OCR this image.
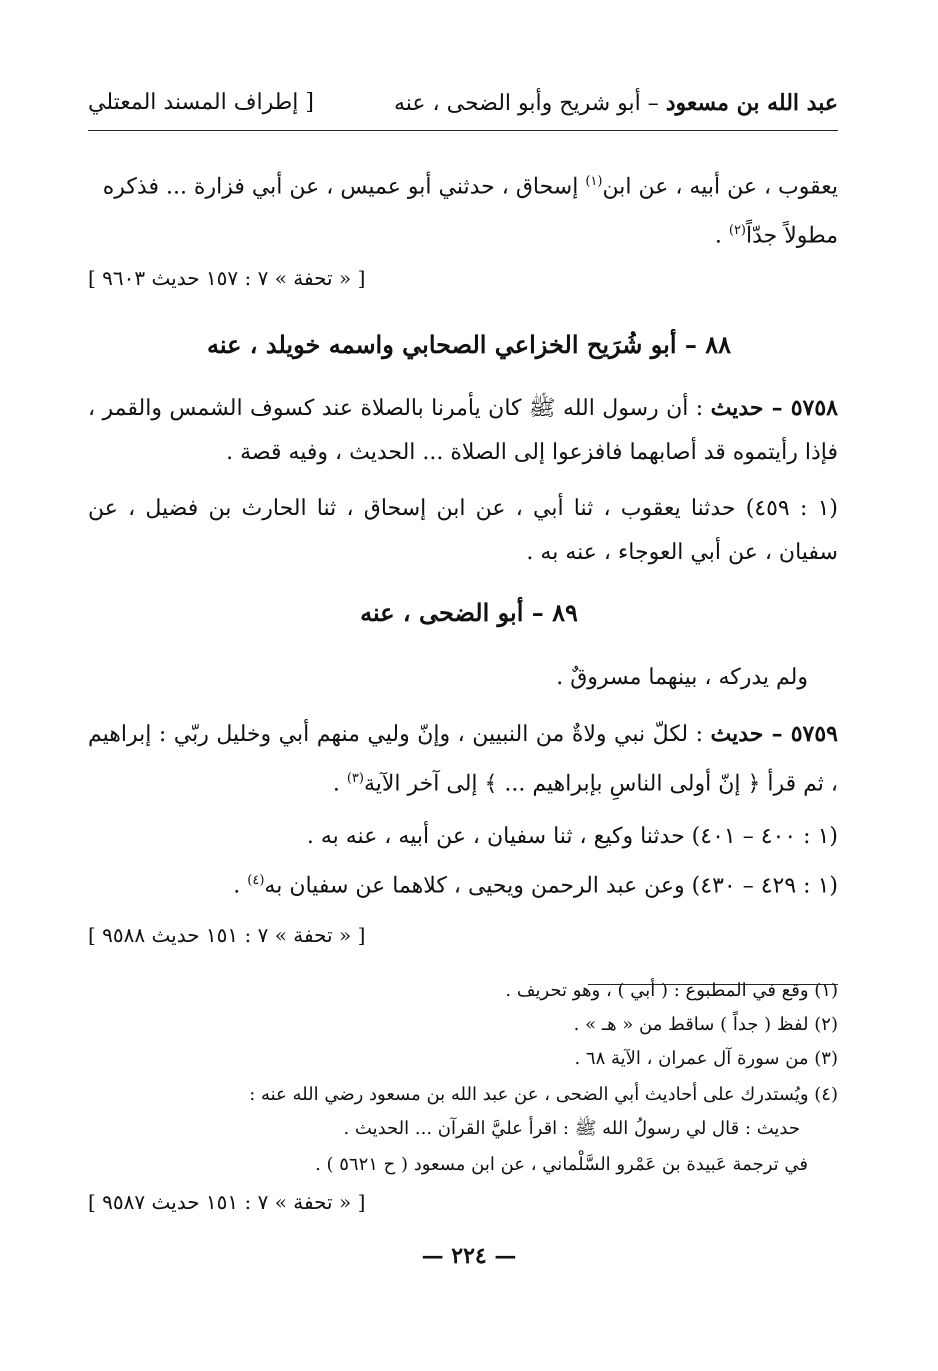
عبد الله بن مسعود – أبو شريح وأبو الضحى ، عنه
[ إطراف المسند المعتلي
يعقوب ، عن أبيه ، عن ابن$^{(١)}$ إسحاق ، حدثني أبو عميس ، عن أبي فزارة ... فذكره
مطولاً جدّاً$^{(٢)}$ .
[ « تحفة » ٧ : ١٥٧ حديث ٩٦٠٣ ]
٨٨ – أبو شُرَيح الخزاعي الصحابي واسمه خويلد ، عنه
٥٧٥٨ – حديث : أن رسول الله ﷺ كان يأمرنا بالصلاة عند كسوف الشمس والقمر ، فإذا رأيتموه قد أصابهما فافزعوا إلى الصلاة ... الحديث ، وفيه قصة .
(١ : ٤٥٩) حدثنا يعقوب ، ثنا أبي ، عن ابن إسحاق ، ثنا الحارث بن فضيل ، عن سفيان ، عن أبي العوجاء ، عنه به .
٨٩ – أبو الضحى ، عنه
ولم يدركه ، بينهما مسروقٌ .
٥٧٥٩ – حديث : لكلّ نبي ولاةٌ من النبيين ، وإنّ وليي منهم أبي وخليل ربّي : إبراهيم ، ثم قرأ ﴿ إنّ أولى الناسِ بإبراهيم ... ﴾ إلى آخر الآية$^{(٣)}$ .
(١ : ٤٠٠ – ٤٠١) حدثنا وكيع ، ثنا سفيان ، عن أبيه ، عنه به .
(١ : ٤٢٩ – ٤٣٠) وعن عبد الرحمن ويحيى ، كلاهما عن سفيان به$^{(٤)}$ .
[ « تحفة » ٧ : ١٥١ حديث ٩٥٨٨ ]
(١) وقع في المطبوع : ( أبي ) ، وهو تحريف .
(٢) لفظ ( جداً ) ساقط من « هـ » .
(٣) من سورة آل عمران ، الآية ٦٨ .
(٤) ويُستدرك على أحاديث أبي الضحى ، عن عبد الله بن مسعود رضي الله عنه :
حديث : قال لي رسولُ الله ﷺ : اقرأ عليَّ القرآن ... الحديث .
في ترجمة عَبيدة بن عَمْرو السَّلْماني ، عن ابن مسعود ( ح ٥٦٢١ ) .
[ « تحفة » ٧ : ١٥١ حديث ٩٥٨٧ ]
— ٢٢٤ —
